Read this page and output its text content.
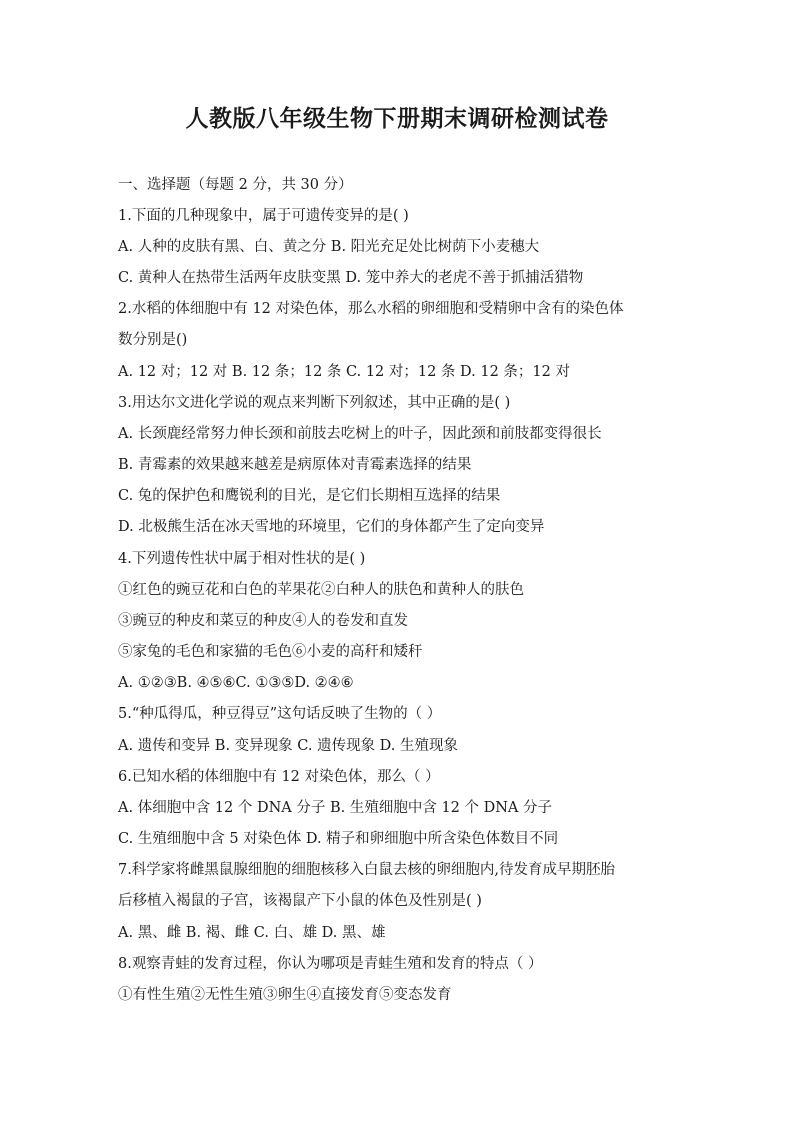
人教版八年级生物下册期末调研检测试卷
一、选择题（每题 2 分，共 30 分）
1.下面的几种现象中，属于可遗传变异的是( )
A. 人种的皮肤有黑、白、黄之分 B. 阳光充足处比树荫下小麦穗大
C. 黄种人在热带生活两年皮肤变黑 D. 笼中养大的老虎不善于抓捕活猎物
2.水稻的体细胞中有 12 对染色体，那么水稻的卵细胞和受精卵中含有的染色体
数分别是()
A. 12 对；12 对 B. 12 条；12 条 C. 12 对；12 条 D. 12 条；12 对
3.用达尔文进化学说的观点来判断下列叙述，其中正确的是( )
A. 长颈鹿经常努力伸长颈和前肢去吃树上的叶子，因此颈和前肢都变得很长
B. 青霉素的效果越来越差是病原体对青霉素选择的结果
C. 兔的保护色和鹰锐利的目光，是它们长期相互选择的结果
D. 北极熊生活在冰天雪地的环境里，它们的身体都产生了定向变异
4.下列遗传性状中属于相对性状的是( )
①红色的豌豆花和白色的苹果花②白种人的肤色和黄种人的肤色
③豌豆的种皮和菜豆的种皮④人的卷发和直发
⑤家兔的毛色和家猫的毛色⑥小麦的高秆和矮秆
A. ①②③B. ④⑤⑥C. ①③⑤D. ②④⑥
5.“种瓜得瓜，种豆得豆”这句话反映了生物的（ ）
A. 遗传和变异 B. 变异现象 C. 遗传现象 D. 生殖现象
6.已知水稻的体细胞中有 12 对染色体，那么（ ）
A. 体细胞中含 12 个 DNA 分子 B. 生殖细胞中含 12 个 DNA 分子
C. 生殖细胞中含 5 对染色体 D. 精子和卵细胞中所含染色体数目不同
7.科学家将雌黑鼠腺细胞的细胞核移入白鼠去核的卵细胞内,待发育成早期胚胎
后移植入褐鼠的子宫，该褐鼠产下小鼠的体色及性别是( )
A. 黑、雌 B. 褐、雌 C. 白、雄 D. 黑、雄
8.观察青蛙的发育过程，你认为哪项是青蛙生殖和发育的特点（ ）
①有性生殖②无性生殖③卵生④直接发育⑤变态发育
